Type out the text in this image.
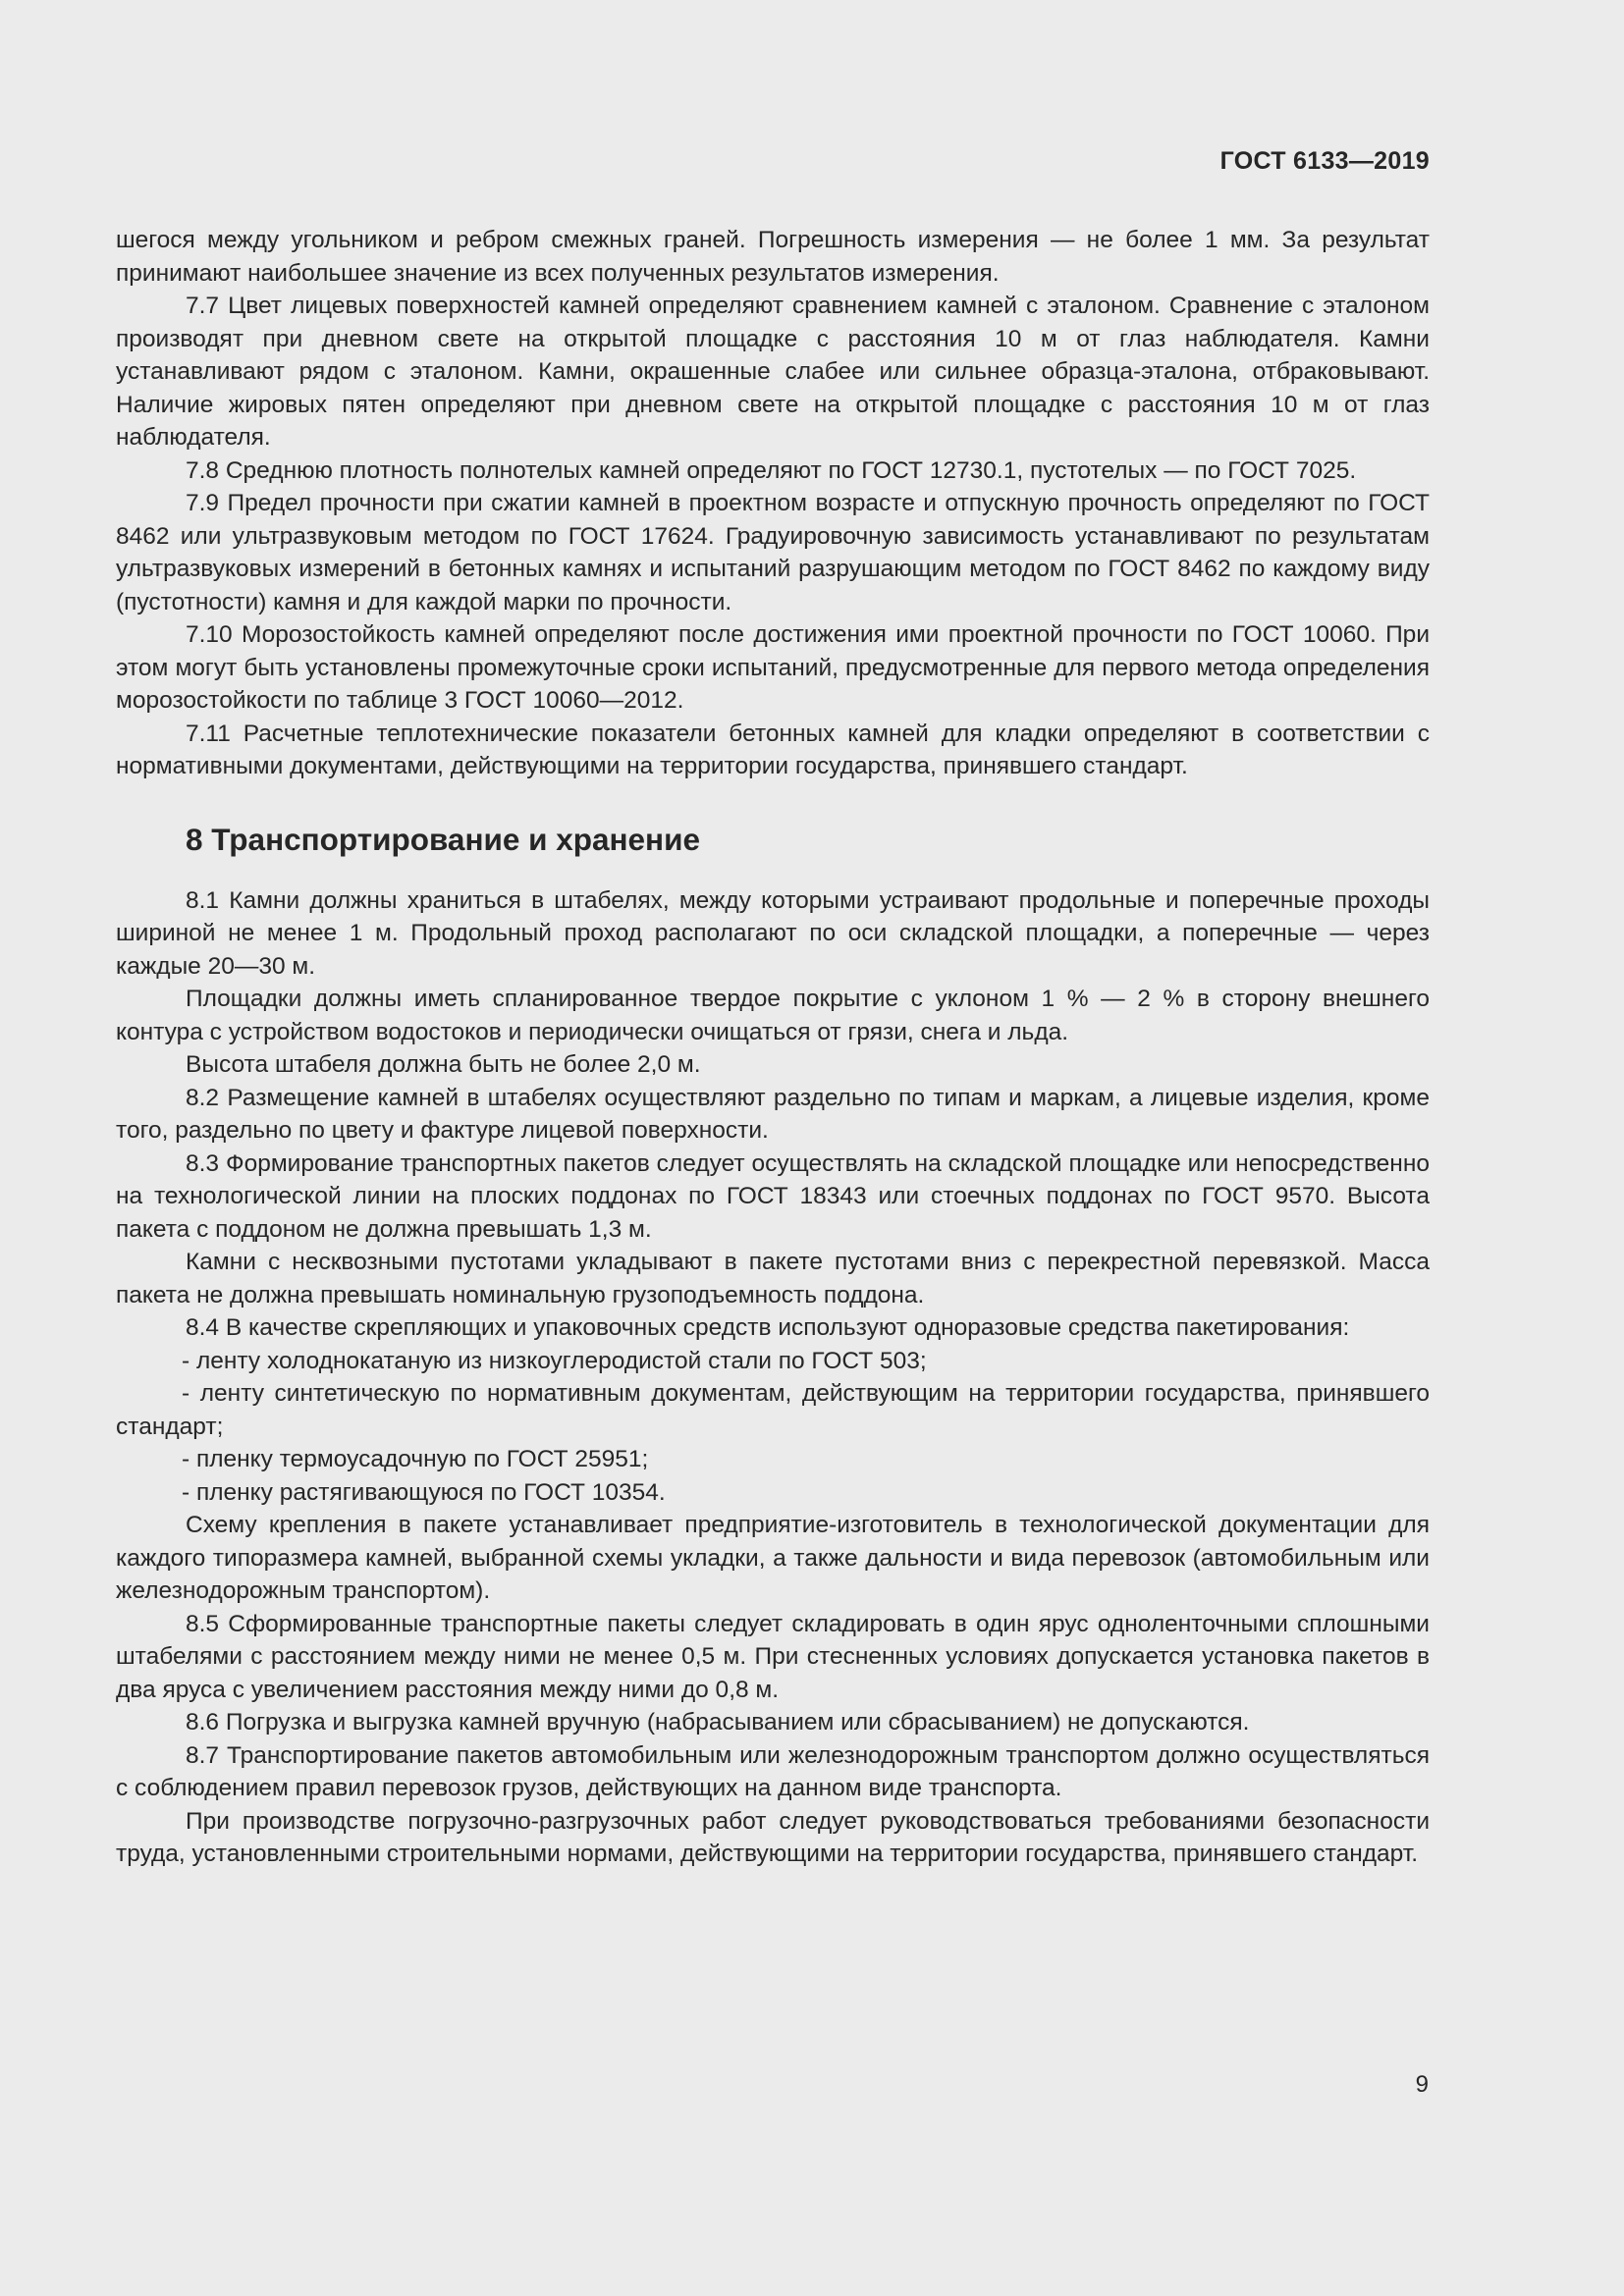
ГОСТ 6133—2019

шегося между угольником и ребром смежных граней. Погрешность измерения — не более 1 мм. За результат принимают наибольшее значение из всех полученных результатов измерения.

7.7 Цвет лицевых поверхностей камней определяют сравнением камней с эталоном. Сравнение с эталоном производят при дневном свете на открытой площадке с расстояния 10 м от глаз наблюдателя. Камни устанавливают рядом с эталоном. Камни, окрашенные слабее или сильнее образца-эталона, отбраковывают. Наличие жировых пятен определяют при дневном свете на открытой площадке с расстояния 10 м от глаз наблюдателя.

7.8 Среднюю плотность полнотелых камней определяют по ГОСТ 12730.1, пустотелых — по ГОСТ 7025.

7.9 Предел прочности при сжатии камней в проектном возрасте и отпускную прочность определяют по ГОСТ 8462 или ультразвуковым методом по ГОСТ 17624. Градуировочную зависимость устанавливают по результатам ультразвуковых измерений в бетонных камнях и испытаний разрушающим методом по ГОСТ 8462 по каждому виду (пустотности) камня и для каждой марки по прочности.

7.10 Морозостойкость камней определяют после достижения ими проектной прочности по ГОСТ 10060. При этом могут быть установлены промежуточные сроки испытаний, предусмотренные для первого метода определения морозостойкости по таблице 3 ГОСТ 10060—2012.

7.11 Расчетные теплотехнические показатели бетонных камней для кладки определяют в соответствии с нормативными документами, действующими на территории государства, принявшего стандарт.

8 Транспортирование и хранение

8.1 Камни должны храниться в штабелях, между которыми устраивают продольные и поперечные проходы шириной не менее 1 м. Продольный проход располагают по оси складской площадки, а поперечные — через каждые 20—30 м.

Площадки должны иметь спланированное твердое покрытие с уклоном 1 % — 2 % в сторону внешнего контура с устройством водостоков и периодически очищаться от грязи, снега и льда.

Высота штабеля должна быть не более 2,0 м.

8.2 Размещение камней в штабелях осуществляют раздельно по типам и маркам, а лицевые изделия, кроме того, раздельно по цвету и фактуре лицевой поверхности.

8.3 Формирование транспортных пакетов следует осуществлять на складской площадке или непосредственно на технологической линии на плоских поддонах по ГОСТ 18343 или стоечных поддонах по ГОСТ 9570. Высота пакета с поддоном не должна превышать 1,3 м.

Камни с несквозными пустотами укладывают в пакете пустотами вниз с перекрестной перевязкой. Масса пакета не должна превышать номинальную грузоподъемность поддона.

8.4 В качестве скрепляющих и упаковочных средств используют одноразовые средства пакетирования:

- ленту холоднокатаную из низкоуглеродистой стали по ГОСТ 503;

- ленту синтетическую по нормативным документам, действующим на территории государства, принявшего стандарт;

- пленку термоусадочную по ГОСТ 25951;

- пленку растягивающуюся по ГОСТ 10354.

Схему крепления в пакете устанавливает предприятие-изготовитель в технологической документации для каждого типоразмера камней, выбранной схемы укладки, а также дальности и вида перевозок (автомобильным или железнодорожным транспортом).

8.5 Сформированные транспортные пакеты следует складировать в один ярус одноленточными сплошными штабелями с расстоянием между ними не менее 0,5 м. При стесненных условиях допускается установка пакетов в два яруса с увеличением расстояния между ними до 0,8 м.

8.6 Погрузка и выгрузка камней вручную (набрасыванием или сбрасыванием) не допускаются.

8.7 Транспортирование пакетов автомобильным или железнодорожным транспортом должно осуществляться с соблюдением правил перевозок грузов, действующих на данном виде транспорта.

При производстве погрузочно-разгрузочных работ следует руководствоваться требованиями безопасности труда, установленными строительными нормами, действующими на территории государства, принявшего стандарт.

9
